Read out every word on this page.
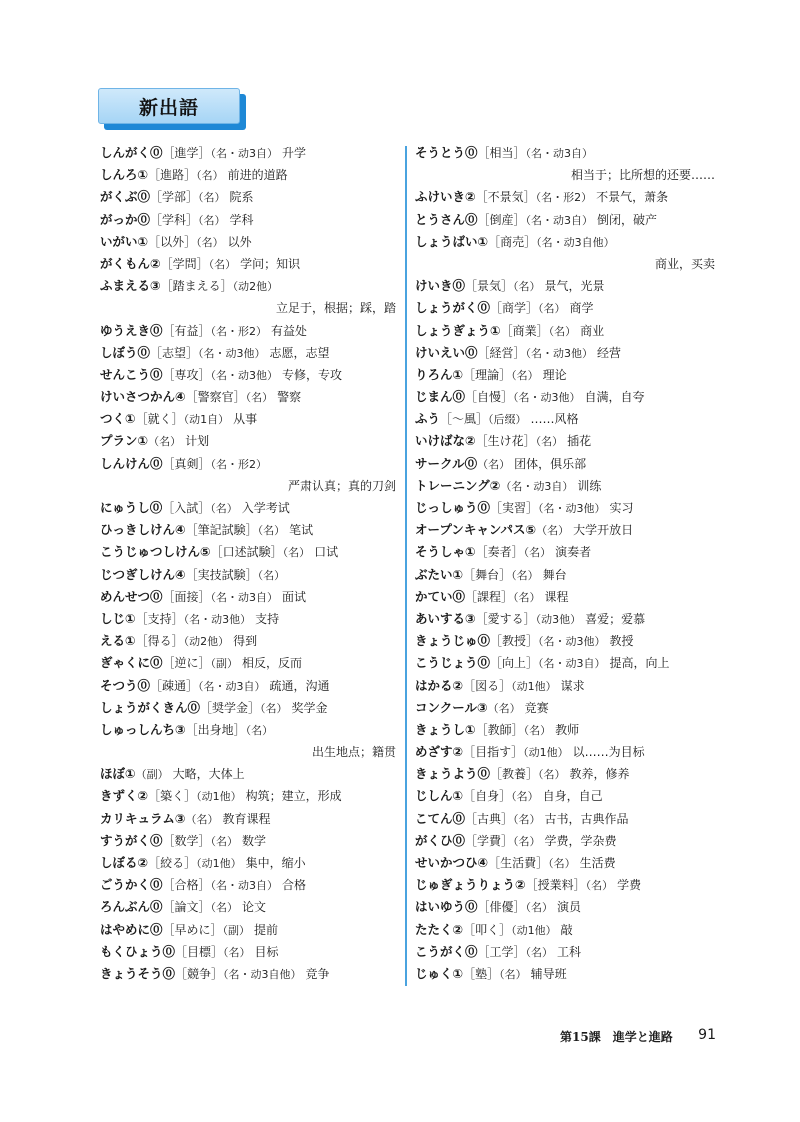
新出語
しんがく⓪［進学］（名・动3自） 升学
しんろ①［進路］（名） 前进的道路
がくぶ⓪［学部］（名） 院系
がっか⓪［学科］（名） 学科
いがい①［以外］（名） 以外
がくもん②［学問］（名） 学问；知识
ふまえる③［踏まえる］（动2他）
立足于，根据；踩，踏
ゆうえき⓪［有益］（名・形2） 有益处
しぼう⓪［志望］（名・动3他） 志愿，志望
せんこう⓪［専攻］（名・动3他） 专修，专攻
けいさつかん④［警察官］（名） 警察
つく①［就く］（动1自） 从事
プラン①（名） 计划
しんけん⓪［真剣］（名・形2）
严肃认真；真的刀剑
にゅうし⓪［入試］（名） 入学考试
ひっきしけん④［筆記試験］（名） 笔试
こうじゅつしけん⑤［口述試験］（名） 口试
じつぎしけん④［実技試験］（名）
めんせつ⓪［面接］（名・动3自） 面试
しじ①［支持］（名・动3他） 支持
える①［得る］（动2他） 得到
ぎゃくに⓪［逆に］（副） 相反，反而
そつう⓪［疎通］（名・动3自） 疏通，沟通
しょうがくきん⓪［奨学金］（名） 奖学金
しゅっしんち③［出身地］（名）
出生地点；籍贯
ほぼ①（副） 大略，大体上
きずく②［築く］（动1他） 构筑；建立，形成
カリキュラム③（名） 教育课程
すうがく⓪［数学］（名） 数学
しぼる②［絞る］（动1他） 集中，缩小
ごうかく⓪［合格］（名・动3自） 合格
ろんぶん⓪［論文］（名） 论文
はやめに⓪［早めに］（副） 提前
もくひょう⓪［目標］（名） 目标
きょうそう⓪［競争］（名・动3自他） 竞争
そうとう⓪［相当］（名・动3自）
相当于；比所想的还要……
ふけいき②［不景気］（名・形2） 不景气，萧条
とうさん⓪［倒産］（名・动3自） 倒闭，破产
しょうばい①［商売］（名・动3自他）
商业，买卖
けいき⓪［景気］（名） 景气，光景
しょうがく⓪［商学］（名） 商学
しょうぎょう①［商業］（名） 商业
けいえい⓪［経営］（名・动3他） 经营
りろん①［理論］（名） 理论
じまん⓪［自慢］（名・动3他） 自满，自夸
ふう［～風］（后缀） ……风格
いけばな②［生け花］（名） 插花
サークル⓪（名） 团体，俱乐部
トレーニング②（名・动3自） 训练
じっしゅう⓪［実習］（名・动3他） 实习
オープンキャンパス⑤（名） 大学开放日
そうしゃ①［奏者］（名） 演奏者
ぶたい①［舞台］（名） 舞台
かてい⓪［課程］（名） 课程
あいする③［愛する］（动3他） 喜爱；爱慕
きょうじゅ⓪［教授］（名・动3他） 教授
こうじょう⓪［向上］（名・动3自） 提高，向上
はかる②［図る］（动1他） 谋求
コンクール③（名） 竞赛
きょうし①［教師］（名） 教师
めざす②［目指す］（动1他） 以……为目标
きょうよう⓪［教養］（名） 教养，修养
じしん①［自身］（名） 自身，自己
こてん⓪［古典］（名） 古书，古典作品
がくひ⓪［学費］（名） 学费，学杂费
せいかつひ④［生活費］（名） 生活费
じゅぎょうりょう②［授業料］（名） 学费
はいゆう⓪［俳優］（名） 演员
たたく②［叩く］（动1他） 敲
こうがく⓪［工学］（名） 工科
じゅく①［塾］（名） 辅导班
第15課　進学と進路 91
